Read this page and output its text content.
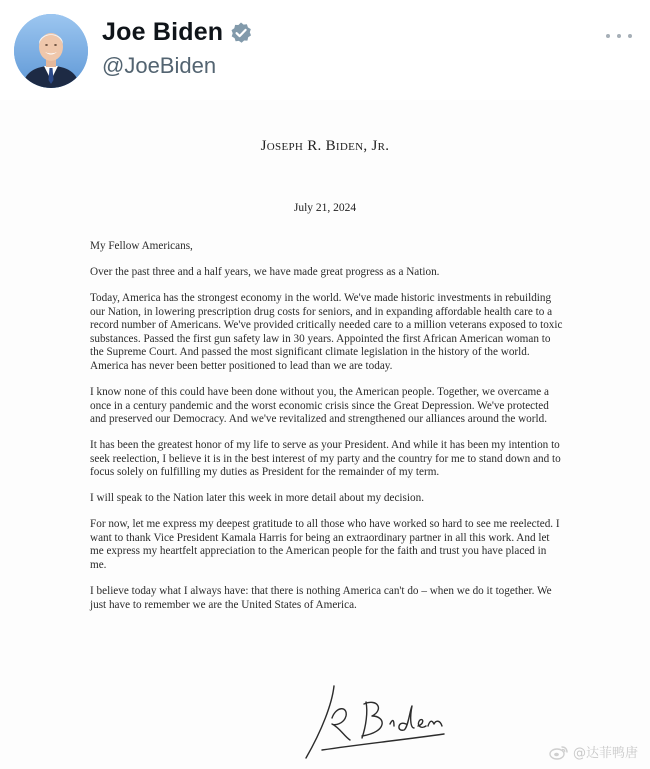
Joe Biden
@JoeBiden
Joseph R. Biden, Jr.
July 21, 2024

My Fellow Americans,

Over the past three and a half years, we have made great progress as a Nation.

Today, America has the strongest economy in the world. We've made historic investments in rebuilding our Nation, in lowering prescription drug costs for seniors, and in expanding affordable health care to a record number of Americans. We've provided critically needed care to a million veterans exposed to toxic substances. Passed the first gun safety law in 30 years. Appointed the first African American woman to the Supreme Court. And passed the most significant climate legislation in the history of the world. America has never been better positioned to lead than we are today.

I know none of this could have been done without you, the American people. Together, we overcame a once in a century pandemic and the worst economic crisis since the Great Depression. We've protected and preserved our Democracy. And we've revitalized and strengthened our alliances around the world.

It has been the greatest honor of my life to serve as your President. And while it has been my intention to seek reelection, I believe it is in the best interest of my party and the country for me to stand down and to focus solely on fulfilling my duties as President for the remainder of my term.

I will speak to the Nation later this week in more detail about my decision.

For now, let me express my deepest gratitude to all those who have worked so hard to see me reelected. I want to thank Vice President Kamala Harris for being an extraordinary partner in all this work. And let me express my heartfelt appreciation to the American people for the faith and trust you have placed in me.

I believe today what I always have: that there is nothing America can't do – when we do it together. We just have to remember we are the United States of America.

@达菲鸭唐
